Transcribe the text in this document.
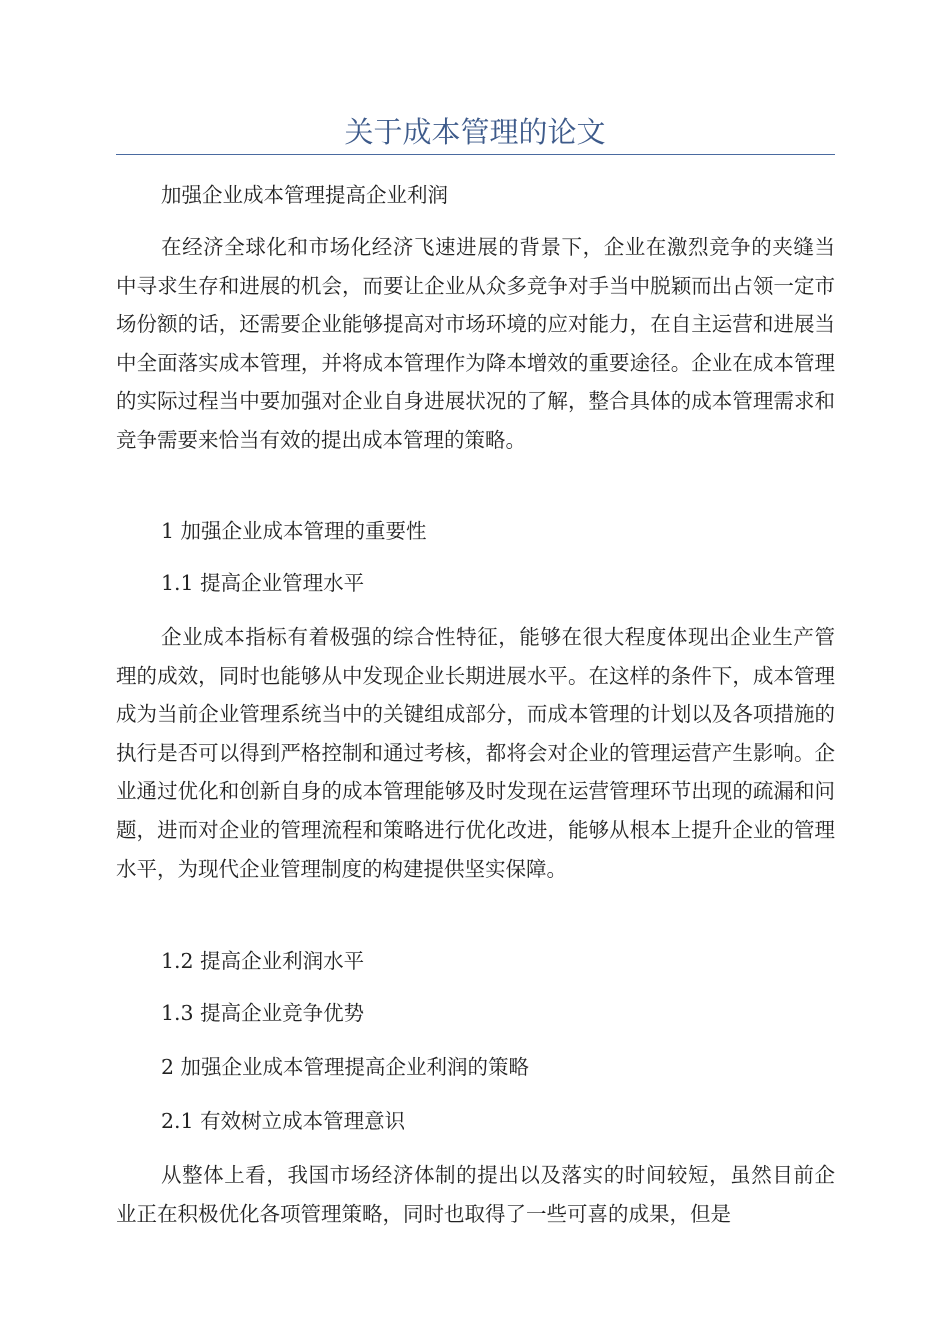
关于成本管理的论文

加强企业成本管理提高企业利润

在经济全球化和市场化经济飞速进展的背景下，企业在激烈竞争的夹缝当中寻求生存和进展的机会，而要让企业从众多竞争对手当中脱颖而出占领一定市场份额的话，还需要企业能够提高对市场环境的应对能力，在自主运营和进展当中全面落实成本管理，并将成本管理作为降本增效的重要途径。企业在成本管理的实际过程当中要加强对企业自身进展状况的了解，整合具体的成本管理需求和竞争需要来恰当有效的提出成本管理的策略。

1 加强企业成本管理的重要性

1.1 提高企业管理水平

企业成本指标有着极强的综合性特征，能够在很大程度体现出企业生产管理的成效，同时也能够从中发现企业长期进展水平。在这样的条件下，成本管理成为当前企业管理系统当中的关键组成部分，而成本管理的计划以及各项措施的执行是否可以得到严格控制和通过考核，都将会对企业的管理运营产生影响。企业通过优化和创新自身的成本管理能够及时发现在运营管理环节出现的疏漏和问题，进而对企业的管理流程和策略进行优化改进，能够从根本上提升企业的管理水平，为现代企业管理制度的构建提供坚实保障。

1.2 提高企业利润水平

1.3 提高企业竞争优势

2 加强企业成本管理提高企业利润的策略

2.1 有效树立成本管理意识

从整体上看，我国市场经济体制的提出以及落实的时间较短，虽然目前企业正在积极优化各项管理策略，同时也取得了一些可喜的成果，但是
